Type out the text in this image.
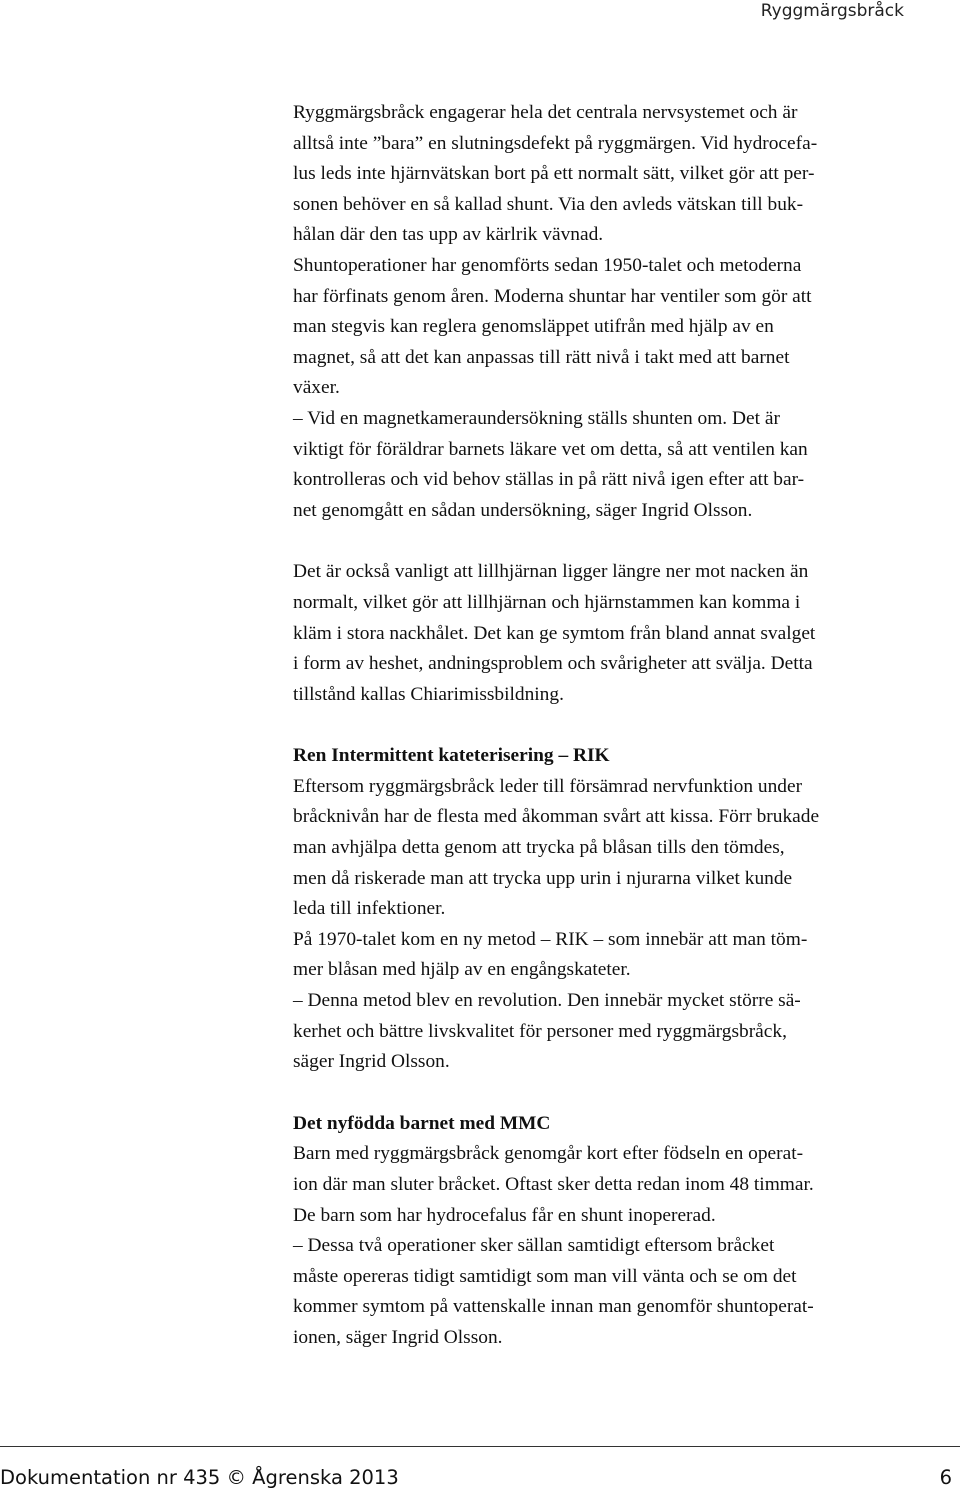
Ryggmärgsbråck

Ryggmärgsbråck engagerar hela det centrala nervsystemet och är
alltså inte ”bara” en slutningsdefekt på ryggmärgen. Vid hydrocefa-
lus leds inte hjärnvätskan bort på ett normalt sätt, vilket gör att per-
sonen behöver en så kallad shunt. Via den avleds vätskan till buk-
hålan där den tas upp av kärlrik vävnad.
Shuntoperationer har genomförts sedan 1950-talet och metoderna
har förfinats genom åren. Moderna shuntar har ventiler som gör att
man stegvis kan reglera genomsläppet utifrån med hjälp av en
magnet, så att det kan anpassas till rätt nivå i takt med att barnet
växer.
– Vid en magnetkameraundersökning ställs shunten om. Det är
viktigt för föräldrar barnets läkare vet om detta, så att ventilen kan
kontrolleras och vid behov ställas in på rätt nivå igen efter att bar-
net genomgått en sådan undersökning, säger Ingrid Olsson.

Det är också vanligt att lillhjärnan ligger längre ner mot nacken än
normalt, vilket gör att lillhjärnan och hjärnstammen kan komma i
kläm i stora nackhålet. Det kan ge symtom från bland annat svalget
i form av heshet, andningsproblem och svårigheter att svälja. Detta
tillstånd kallas Chiarimissbildning.

Ren Intermittent kateterisering – RIK
Eftersom ryggmärgsbråck leder till försämrad nervfunktion under
bråcknivån har de flesta med åkomman svårt att kissa. Förr brukade
man avhjälpa detta genom att trycka på blåsan tills den tömdes,
men då riskerade man att trycka upp urin i njurarna vilket kunde
leda till infektioner.
På 1970-talet kom en ny metod – RIK – som innebär att man töm-
mer blåsan med hjälp av en engångskateter.
– Denna metod blev en revolution. Den innebär mycket större sä-
kerhet och bättre livskvalitet för personer med ryggmärgsbråck,
säger Ingrid Olsson.

Det nyfödda barnet med MMC
Barn med ryggmärgsbråck genomgår kort efter födseln en operat-
ion där man sluter bråcket. Oftast sker detta redan inom 48 timmar.
De barn som har hydrocefalus får en shunt inopererad.
– Dessa två operationer sker sällan samtidigt eftersom bråcket
måste opereras tidigt samtidigt som man vill vänta och se om det
kommer symtom på vattenskalle innan man genomför shuntoperat-
ionen, säger Ingrid Olsson.

Dokumentation nr 435 © Ågrenska 2013	6
